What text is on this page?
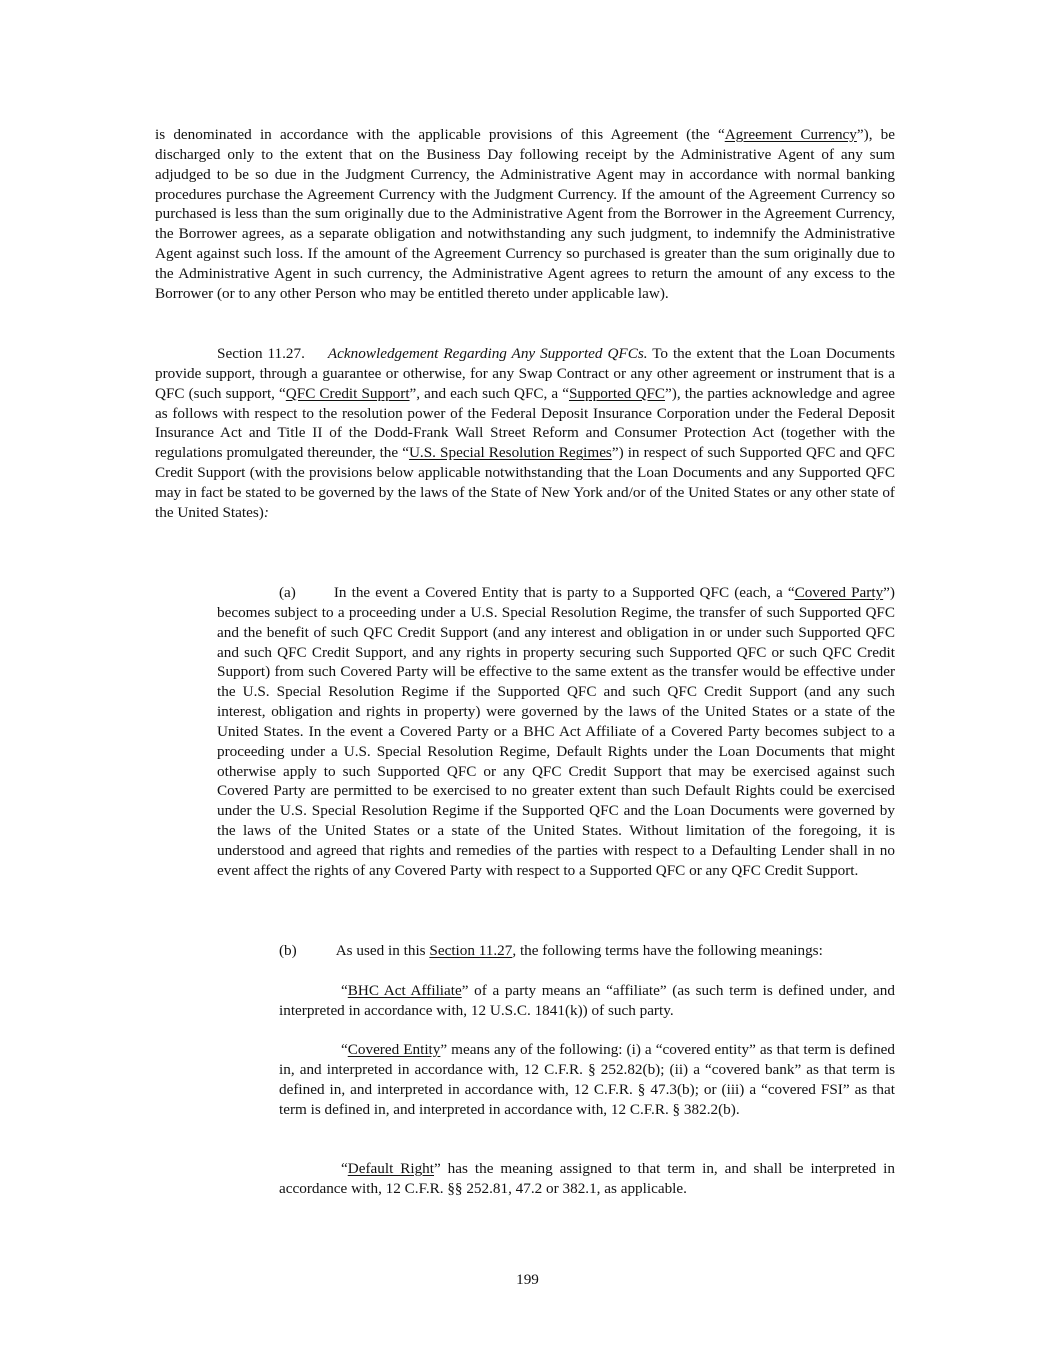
is denominated in accordance with the applicable provisions of this Agreement (the “Agreement Currency”), be discharged only to the extent that on the Business Day following receipt by the Administrative Agent of any sum adjudged to be so due in the Judgment Currency, the Administrative Agent may in accordance with normal banking procedures purchase the Agreement Currency with the Judgment Currency. If the amount of the Agreement Currency so purchased is less than the sum originally due to the Administrative Agent from the Borrower in the Agreement Currency, the Borrower agrees, as a separate obligation and notwithstanding any such judgment, to indemnify the Administrative Agent against such loss. If the amount of the Agreement Currency so purchased is greater than the sum originally due to the Administrative Agent in such currency, the Administrative Agent agrees to return the amount of any excess to the Borrower (or to any other Person who may be entitled thereto under applicable law).

Section 11.27. Acknowledgement Regarding Any Supported QFCs. To the extent that the Loan Documents provide support, through a guarantee or otherwise, for any Swap Contract or any other agreement or instrument that is a QFC (such support, “QFC Credit Support”, and each such QFC, a “Supported QFC”), the parties acknowledge and agree as follows with respect to the resolution power of the Federal Deposit Insurance Corporation under the Federal Deposit Insurance Act and Title II of the Dodd-Frank Wall Street Reform and Consumer Protection Act (together with the regulations promulgated thereunder, the “U.S. Special Resolution Regimes”) in respect of such Supported QFC and QFC Credit Support (with the provisions below applicable notwithstanding that the Loan Documents and any Supported QFC may in fact be stated to be governed by the laws of the State of New York and/or of the United States or any other state of the United States):

(a)	In the event a Covered Entity that is party to a Supported QFC (each, a “Covered Party”) becomes subject to a proceeding under a U.S. Special Resolution Regime, the transfer of such Supported QFC and the benefit of such QFC Credit Support (and any interest and obligation in or under such Supported QFC and such QFC Credit Support, and any rights in property securing such Supported QFC or such QFC Credit Support) from such Covered Party will be effective to the same extent as the transfer would be effective under the U.S. Special Resolution Regime if the Supported QFC and such QFC Credit Support (and any such interest, obligation and rights in property) were governed by the laws of the United States or a state of the United States. In the event a Covered Party or a BHC Act Affiliate of a Covered Party becomes subject to a proceeding under a U.S. Special Resolution Regime, Default Rights under the Loan Documents that might otherwise apply to such Supported QFC or any QFC Credit Support that may be exercised against such Covered Party are permitted to be exercised to no greater extent than such Default Rights could be exercised under the U.S. Special Resolution Regime if the Supported QFC and the Loan Documents were governed by the laws of the United States or a state of the United States. Without limitation of the foregoing, it is understood and agreed that rights and remedies of the parties with respect to a Defaulting Lender shall in no event affect the rights of any Covered Party with respect to a Supported QFC or any QFC Credit Support.

(b)	As used in this Section 11.27, the following terms have the following meanings:

“BHC Act Affiliate” of a party means an “affiliate” (as such term is defined under, and interpreted in accordance with, 12 U.S.C. 1841(k)) of such party.

“Covered Entity” means any of the following: (i) a “covered entity” as that term is defined in, and interpreted in accordance with, 12 C.F.R. § 252.82(b); (ii) a “covered bank” as that term is defined in, and interpreted in accordance with, 12 C.F.R. § 47.3(b); or (iii) a “covered FSI” as that term is defined in, and interpreted in accordance with, 12 C.F.R. § 382.2(b).

“Default Right” has the meaning assigned to that term in, and shall be interpreted in accordance with, 12 C.F.R. §§ 252.81, 47.2 or 382.1, as applicable.

199
